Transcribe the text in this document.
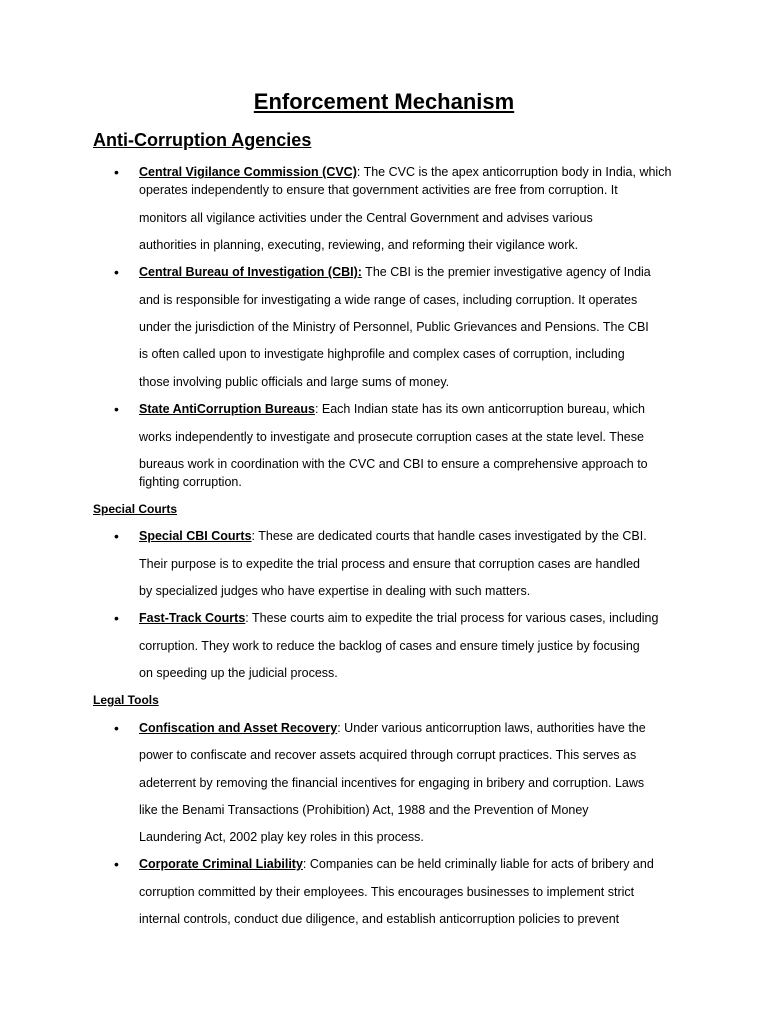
Enforcement Mechanism
Anti-Corruption Agencies
• Central Vigilance Commission (CVC): The CVC is the apex anticorruption body in India, which
operates independently to ensure that government activities are free from corruption. It
monitors all vigilance activities under the Central Government and advises various
authorities in planning, executing, reviewing, and reforming their vigilance work.
• Central Bureau of Investigation (CBI): The CBI is the premier investigative agency of India
and is responsible for investigating a wide range of cases, including corruption. It operates
under the jurisdiction of the Ministry of Personnel, Public Grievances and Pensions. The CBI
is often called upon to investigate highprofile and complex cases of corruption, including
those involving public officials and large sums of money.
• State AntiCorruption Bureaus: Each Indian state has its own anticorruption bureau, which
works independently to investigate and prosecute corruption cases at the state level. These
bureaus work in coordination with the CVC and CBI to ensure a comprehensive approach to
fighting corruption.
Special Courts
• Special CBI Courts: These are dedicated courts that handle cases investigated by the CBI.
Their purpose is to expedite the trial process and ensure that corruption cases are handled
by specialized judges who have expertise in dealing with such matters.
• Fast-Track Courts: These courts aim to expedite the trial process for various cases, including
corruption. They work to reduce the backlog of cases and ensure timely justice by focusing
on speeding up the judicial process.
Legal Tools
• Confiscation and Asset Recovery: Under various anticorruption laws, authorities have the
power to confiscate and recover assets acquired through corrupt practices. This serves as
adeterrent by removing the financial incentives for engaging in bribery and corruption. Laws
like the Benami Transactions (Prohibition) Act, 1988 and the Prevention of Money
Laundering Act, 2002 play key roles in this process.
• Corporate Criminal Liability: Companies can be held criminally liable for acts of bribery and
corruption committed by their employees. This encourages businesses to implement strict
internal controls, conduct due diligence, and establish anticorruption policies to prevent
